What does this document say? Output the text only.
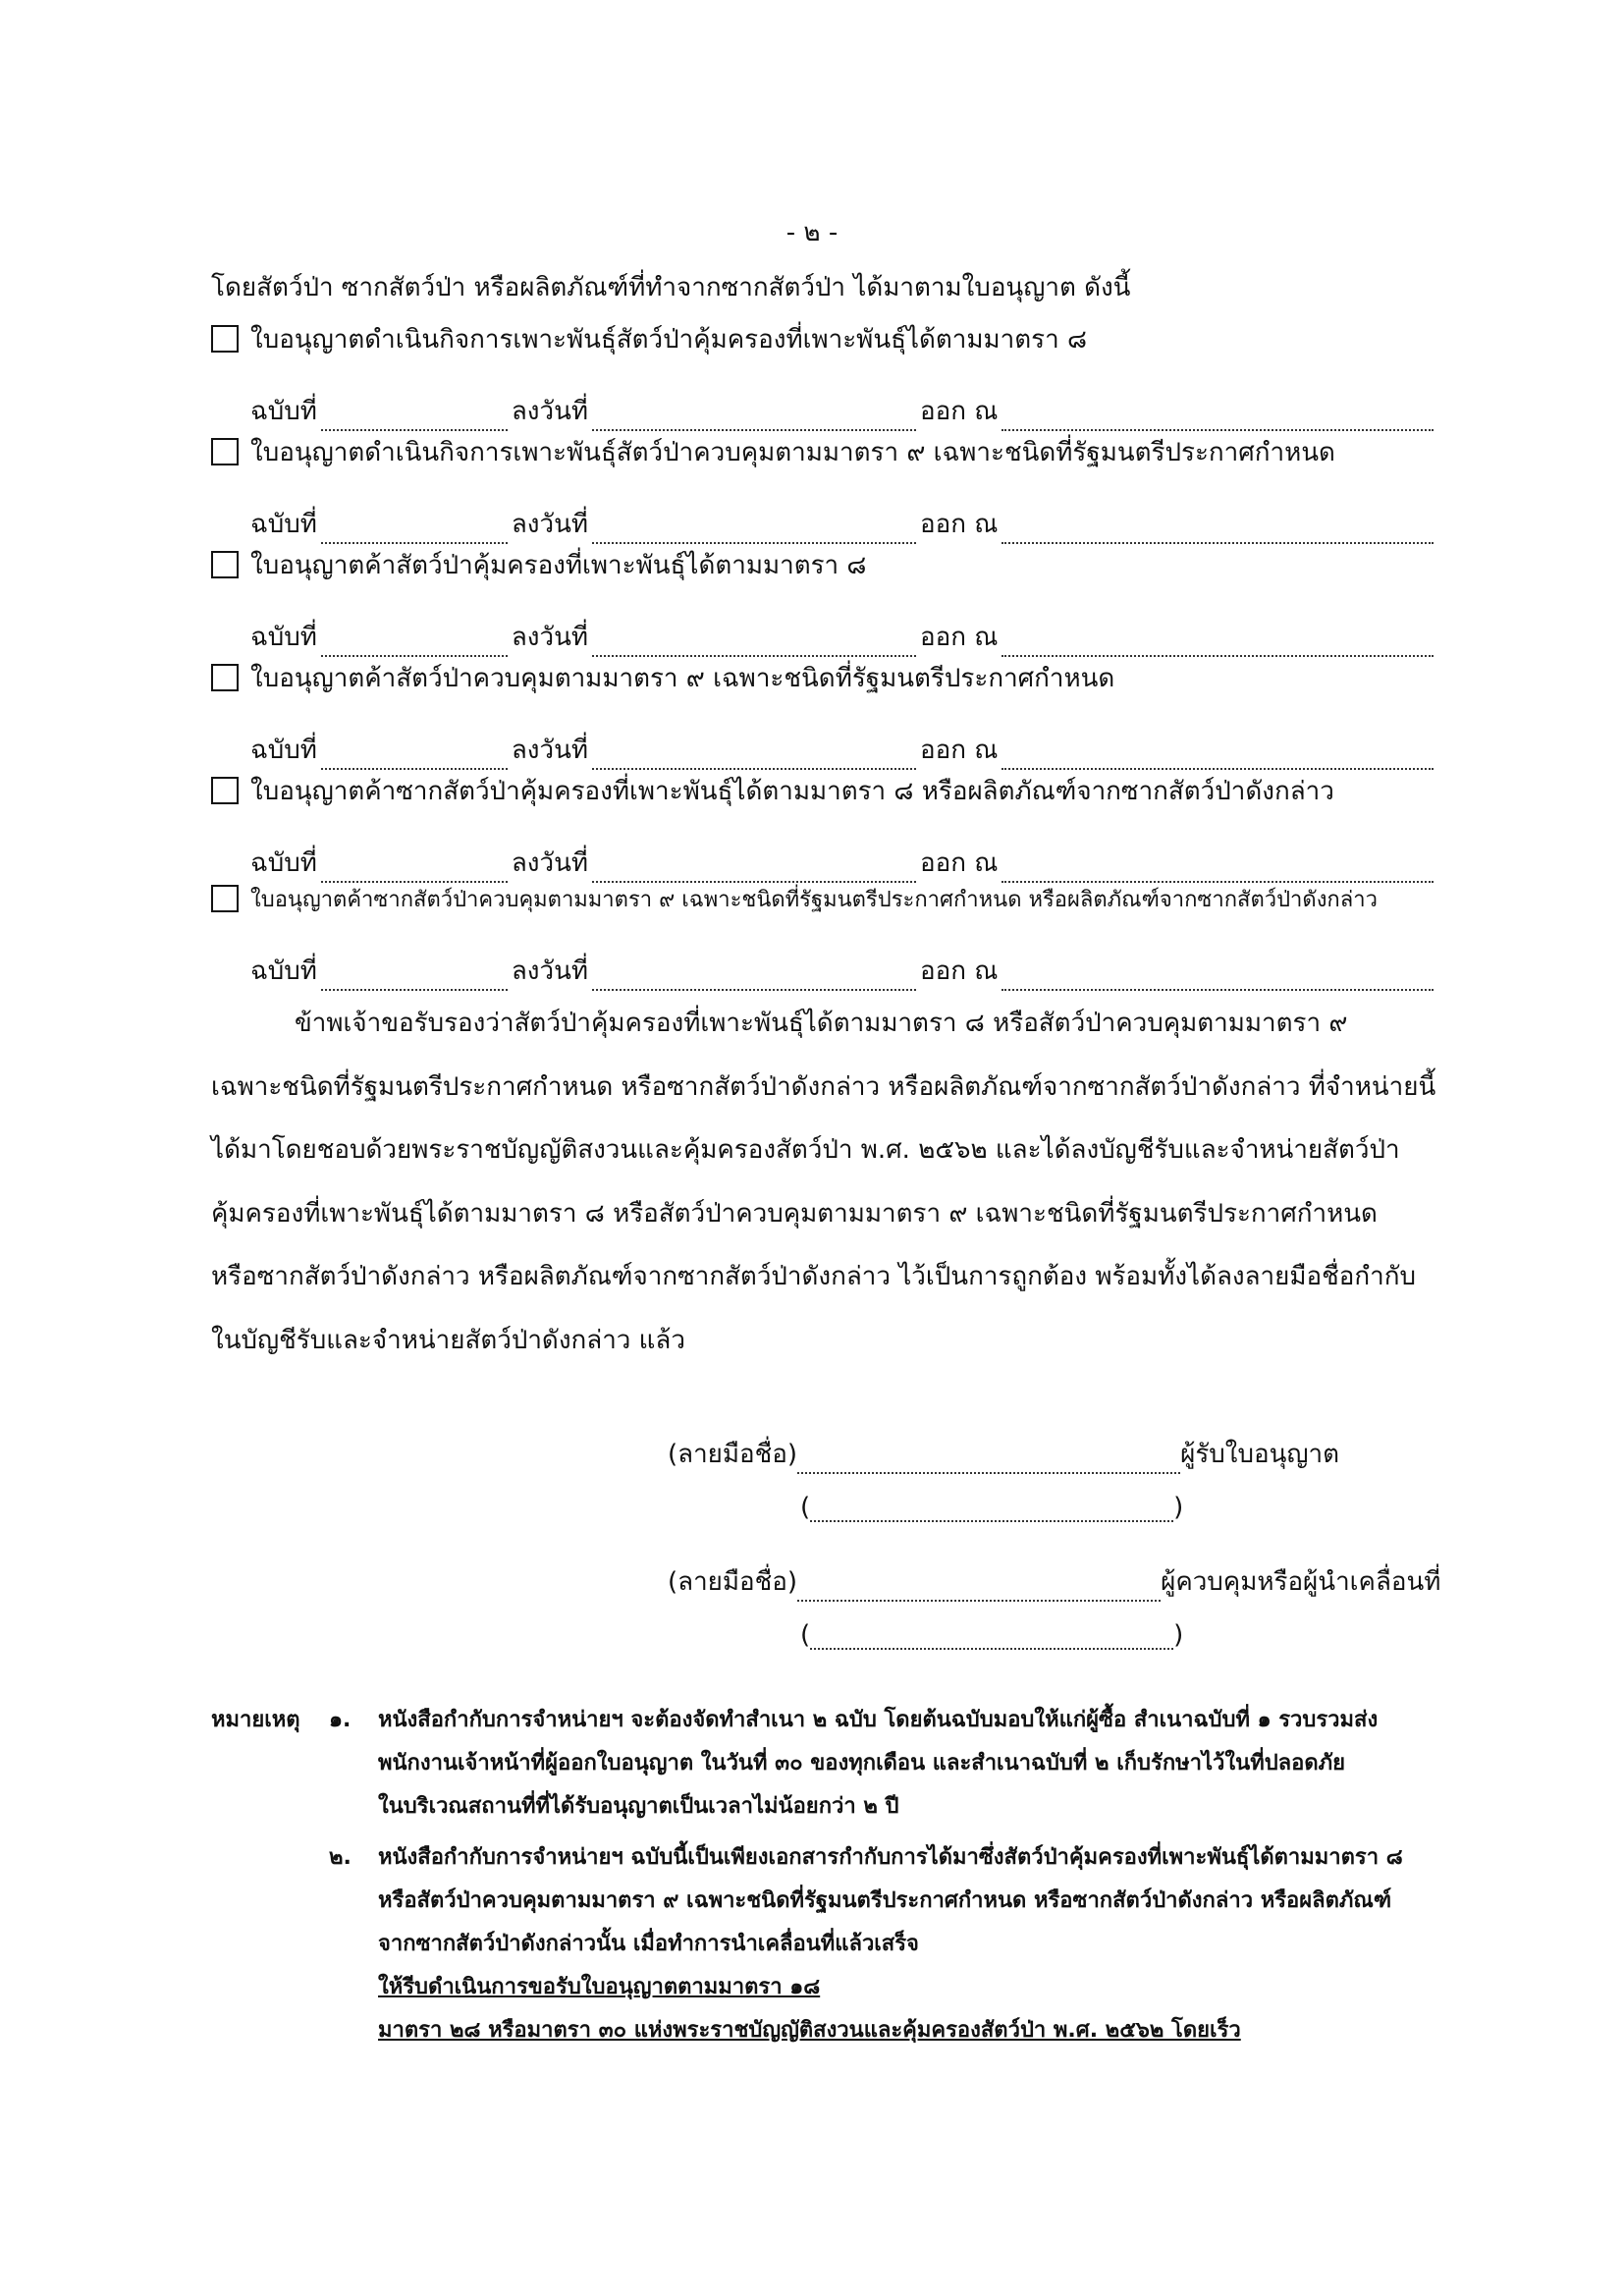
- ๒ -
โดยสัตว์ป่า ซากสัตว์ป่า หรือผลิตภัณฑ์ที่ทำจากซากสัตว์ป่า ได้มาตามใบอนุญาต ดังนี้
ใบอนุญาตดำเนินกิจการเพาะพันธุ์สัตว์ป่าคุ้มครองที่เพาะพันธุ์ได้ตามมาตรา ๘
ฉบับที่	ลงวันที่	ออก ณ
ใบอนุญาตดำเนินกิจการเพาะพันธุ์สัตว์ป่าควบคุมตามมาตรา ๙ เฉพาะชนิดที่รัฐมนตรีประกาศกำหนด
ฉบับที่	ลงวันที่	ออก ณ
ใบอนุญาตค้าสัตว์ป่าคุ้มครองที่เพาะพันธุ์ได้ตามมาตรา ๘
ฉบับที่	ลงวันที่	ออก ณ
ใบอนุญาตค้าสัตว์ป่าควบคุมตามมาตรา ๙ เฉพาะชนิดที่รัฐมนตรีประกาศกำหนด
ฉบับที่	ลงวันที่	ออก ณ
ใบอนุญาตค้าซากสัตว์ป่าคุ้มครองที่เพาะพันธุ์ได้ตามมาตรา ๘ หรือผลิตภัณฑ์จากซากสัตว์ป่าดังกล่าว
ฉบับที่	ลงวันที่	ออก ณ
ใบอนุญาตค้าซากสัตว์ป่าควบคุมตามมาตรา ๙ เฉพาะชนิดที่รัฐมนตรีประกาศกำหนด หรือผลิตภัณฑ์จากซากสัตว์ป่าดังกล่าว
ฉบับที่	ลงวันที่	ออก ณ
ข้าพเจ้าขอรับรองว่าสัตว์ป่าคุ้มครองที่เพาะพันธุ์ได้ตามมาตรา ๘ หรือสัตว์ป่าควบคุมตามมาตรา ๙
เฉพาะชนิดที่รัฐมนตรีประกาศกำหนด หรือซากสัตว์ป่าดังกล่าว หรือผลิตภัณฑ์จากซากสัตว์ป่าดังกล่าว ที่จำหน่ายนี้
ได้มาโดยชอบด้วยพระราชบัญญัติสงวนและคุ้มครองสัตว์ป่า พ.ศ. ๒๕๖๒ และได้ลงบัญชีรับและจำหน่ายสัตว์ป่า
คุ้มครองที่เพาะพันธุ์ได้ตามมาตรา ๘ หรือสัตว์ป่าควบคุมตามมาตรา ๙ เฉพาะชนิดที่รัฐมนตรีประกาศกำหนด
หรือซากสัตว์ป่าดังกล่าว หรือผลิตภัณฑ์จากซากสัตว์ป่าดังกล่าว ไว้เป็นการถูกต้อง พร้อมทั้งได้ลงลายมือชื่อกำกับ
ในบัญชีรับและจำหน่ายสัตว์ป่าดังกล่าว แล้ว
(ลายมือชื่อ)	ผู้รับใบอนุญาต
(	)
(ลายมือชื่อ)	ผู้ควบคุมหรือผู้นำเคลื่อนที่
(	)
หมายเหตุ ๑. หนังสือกำกับการจำหน่ายฯ จะต้องจัดทำสำเนา ๒ ฉบับ โดยต้นฉบับมอบให้แก่ผู้ซื้อ สำเนาฉบับที่ ๑ รวบรวมส่ง
พนักงานเจ้าหน้าที่ผู้ออกใบอนุญาต ในวันที่ ๓๐ ของทุกเดือน และสำเนาฉบับที่ ๒ เก็บรักษาไว้ในที่ปลอดภัย
ในบริเวณสถานที่ที่ได้รับอนุญาตเป็นเวลาไม่น้อยกว่า ๒ ปี
๒. หนังสือกำกับการจำหน่ายฯ ฉบับนี้เป็นเพียงเอกสารกำกับการได้มาซึ่งสัตว์ป่าคุ้มครองที่เพาะพันธุ์ได้ตามมาตรา ๘
หรือสัตว์ป่าควบคุมตามมาตรา ๙ เฉพาะชนิดที่รัฐมนตรีประกาศกำหนด หรือซากสัตว์ป่าดังกล่าว หรือผลิตภัณฑ์
จากซากสัตว์ป่าดังกล่าวนั้น เมื่อทำการนำเคลื่อนที่แล้วเสร็จ
ให้รีบดำเนินการขอรับใบอนุญาตตามมาตรา ๑๘
มาตรา ๒๘ หรือมาตรา ๓๐ แห่งพระราชบัญญัติสงวนและคุ้มครองสัตว์ป่า พ.ศ. ๒๕๖๒ โดยเร็ว
